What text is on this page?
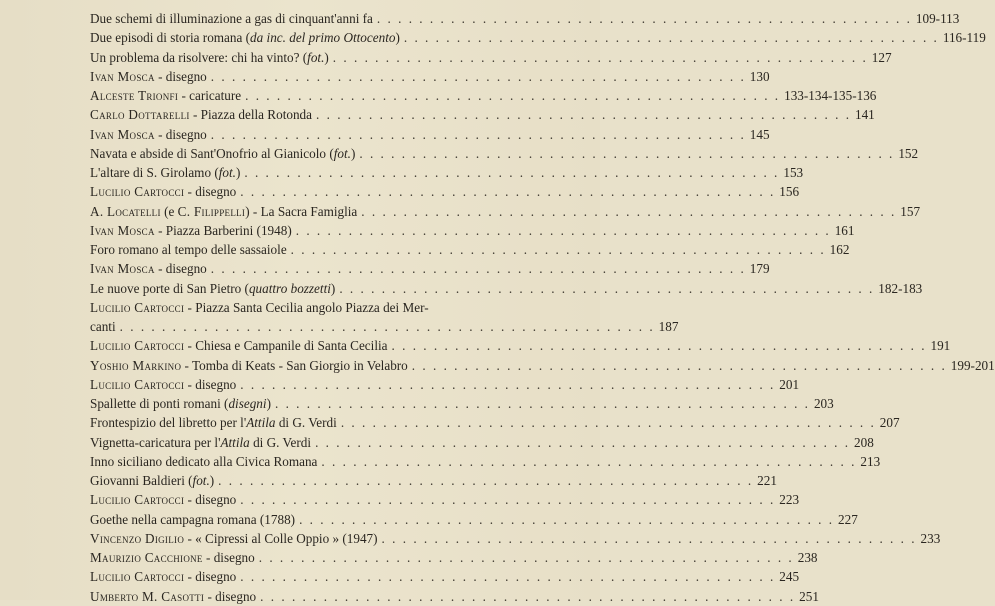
Due schemi di illuminazione a gas di cinquant'anni fa . . .	109-113
Due episodi di storia romana (da inc. del primo Ottocento) . . .	116-119
Un problema da risolvere: chi ha vinto? (fot.) . . .	127
Ivan Mosca - disegno . . .	130
Alceste Trionfi - caricature . . .	133-134-135-136
Carlo Dottarelli - Piazza della Rotonda . . .	141
Ivan Mosca - disegno . . .	145
Navata e abside di Sant'Onofrio al Gianicolo (fot.) . . .	152
L'altare di S. Girolamo (fot.) . . .	153
Lucilio Cartocci - disegno . . .	156
A. Locatelli (e C. Filippelli) - La Sacra Famiglia . . .	157
Ivan Mosca - Piazza Barberini (1948) . . .	161
Foro romano al tempo delle sassaiole . . .	162
Ivan Mosca - disegno . . .	179
Le nuove porte di San Pietro (quattro bozzetti) . . .	182-183
Lucilio Cartocci - Piazza Santa Cecilia angolo Piazza dei Mer-
canti . . .	187
Lucilio Cartocci - Chiesa e Campanile di Santa Cecilia . . .	191
Yoshio Markino - Tomba di Keats - San Giorgio in Velabro . . .	199-201
Lucilio Cartocci - disegno . . .	201
Spallette di ponti romani (disegni) . . .	203
Frontespizio del libretto per l'Attila di G. Verdi . . .	207
Vignetta-caricatura per l'Attila di G. Verdi . . .	208
Inno siciliano dedicato alla Civica Romana . . .	213
Giovanni Baldieri (fot.) . . .	221
Lucilio Cartocci - disegno . . .	223
Goethe nella campagna romana (1788) . . .	227
Vincenzo Digilio - « Cipressi al Colle Oppio » (1947) . . .	233
Maurizio Cacchione - disegno . . .	238
Lucilio Cartocci - disegno . . .	245
Umberto M. Casotti - disegno . . .	251
